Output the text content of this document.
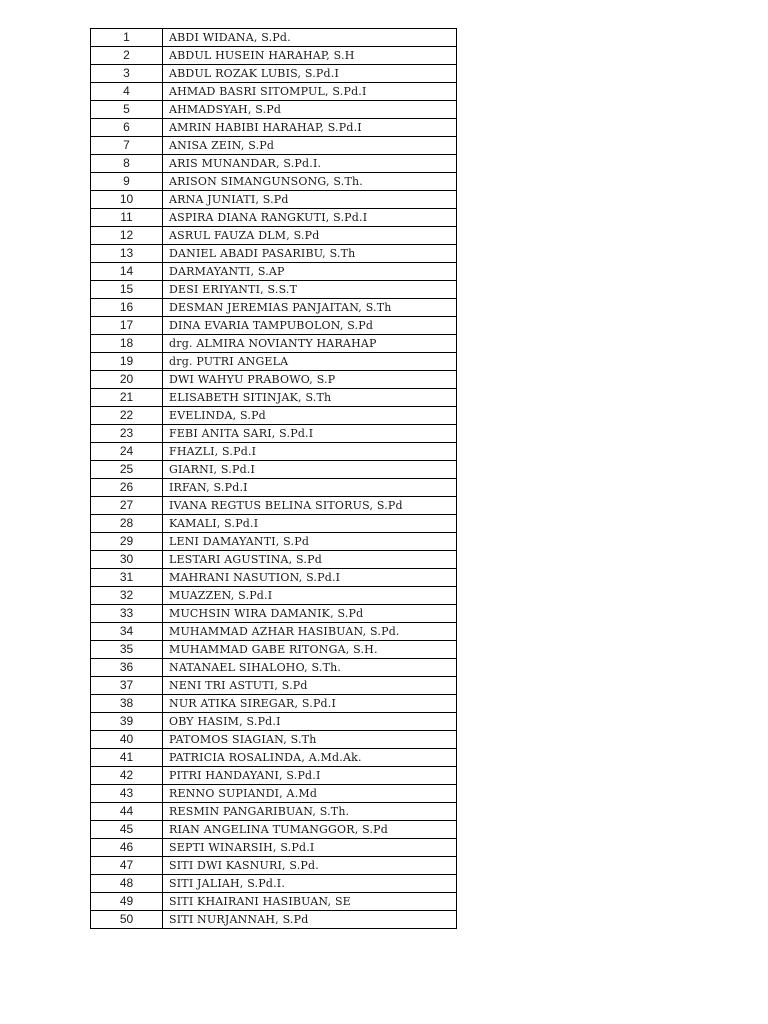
1	ABDI WIDANA, S.Pd.
2	ABDUL HUSEIN HARAHAP, S.H
3	ABDUL ROZAK LUBIS, S.Pd.I
4	AHMAD BASRI SITOMPUL, S.Pd.I
5	AHMADSYAH, S.Pd
6	AMRIN HABIBI HARAHAP, S.Pd.I
7	ANISA ZEIN, S.Pd
8	ARIS MUNANDAR, S.Pd.I.
9	ARISON SIMANGUNSONG, S.Th.
10	ARNA JUNIATI, S.Pd
11	ASPIRA DIANA RANGKUTI, S.Pd.I
12	ASRUL FAUZA DLM, S.Pd
13	DANIEL ABADI PASARIBU, S.Th
14	DARMAYANTI, S.AP
15	DESI ERIYANTI, S.S.T
16	DESMAN JEREMIAS PANJAITAN, S.Th
17	DINA EVARIA TAMPUBOLON, S.Pd
18	drg. ALMIRA NOVIANTY HARAHAP
19	drg. PUTRI ANGELA
20	DWI WAHYU PRABOWO, S.P
21	ELISABETH SITINJAK, S.Th
22	EVELINDA, S.Pd
23	FEBI ANITA SARI, S.Pd.I
24	FHAZLI, S.Pd.I
25	GIARNI, S.Pd.I
26	IRFAN, S.Pd.I
27	IVANA REGTUS BELINA SITORUS, S.Pd
28	KAMALI, S.Pd.I
29	LENI DAMAYANTI, S.Pd
30	LESTARI AGUSTINA, S.Pd
31	MAHRANI NASUTION, S.Pd.I
32	MUAZZEN, S.Pd.I
33	MUCHSIN WIRA DAMANIK, S.Pd
34	MUHAMMAD AZHAR HASIBUAN, S.Pd.
35	MUHAMMAD GABE RITONGA, S.H.
36	NATANAEL SIHALOHO, S.Th.
37	NENI TRI ASTUTI, S.Pd
38	NUR ATIKA SIREGAR, S.Pd.I
39	OBY HASIM, S.Pd.I
40	PATOMOS SIAGIAN, S.Th
41	PATRICIA ROSALINDA, A.Md.Ak.
42	PITRI HANDAYANI, S.Pd.I
43	RENNO SUPIANDI, A.Md
44	RESMIN PANGARIBUAN, S.Th.
45	RIAN ANGELINA TUMANGGOR, S.Pd
46	SEPTI WINARSIH, S.Pd.I
47	SITI DWI KASNURI, S.Pd.
48	SITI JALIAH, S.Pd.I.
49	SITI KHAIRANI HASIBUAN, SE
50	SITI NURJANNAH, S.Pd
